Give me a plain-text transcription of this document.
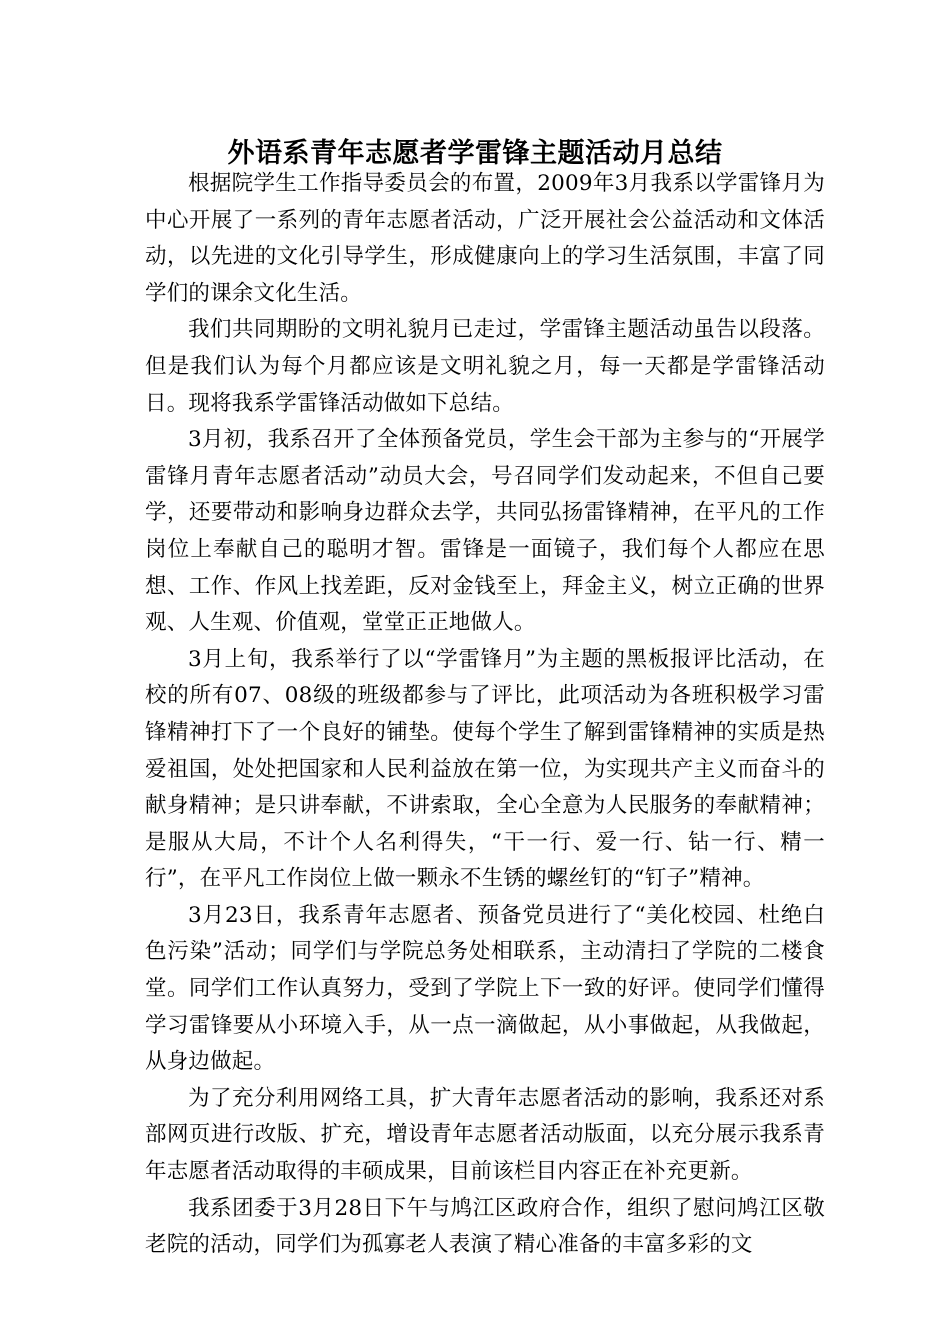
外语系青年志愿者学雷锋主题活动月总结

根据院学生工作指导委员会的布置，2009年3月我系以学雷锋月为中心开展了一系列的青年志愿者活动，广泛开展社会公益活动和文体活动，以先进的文化引导学生，形成健康向上的学习生活氛围，丰富了同学们的课余文化生活。

我们共同期盼的文明礼貌月已走过，学雷锋主题活动虽告以段落。但是我们认为每个月都应该是文明礼貌之月，每一天都是学雷锋活动日。现将我系学雷锋活动做如下总结。

3月初，我系召开了全体预备党员，学生会干部为主参与的“开展学雷锋月青年志愿者活动”动员大会，号召同学们发动起来，不但自己要学，还要带动和影响身边群众去学，共同弘扬雷锋精神，在平凡的工作岗位上奉献自己的聪明才智。雷锋是一面镜子，我们每个人都应在思想、工作、作风上找差距，反对金钱至上，拜金主义，树立正确的世界观、人生观、价值观，堂堂正正地做人。

3月上旬，我系举行了以“学雷锋月”为主题的黑板报评比活动，在校的所有07、08级的班级都参与了评比，此项活动为各班积极学习雷锋精神打下了一个良好的铺垫。使每个学生了解到雷锋精神的实质是热爱祖国，处处把国家和人民利益放在第一位，为实现共产主义而奋斗的献身精神；是只讲奉献，不讲索取，全心全意为人民服务的奉献精神；是服从大局，不计个人名利得失，“干一行、爱一行、钻一行、精一行”，在平凡工作岗位上做一颗永不生锈的螺丝钉的“钉子”精神。

3月23日，我系青年志愿者、预备党员进行了“美化校园、杜绝白色污染”活动；同学们与学院总务处相联系，主动清扫了学院的二楼食堂。同学们工作认真努力，受到了学院上下一致的好评。使同学们懂得学习雷锋要从小环境入手，从一点一滴做起，从小事做起，从我做起，从身边做起。

为了充分利用网络工具，扩大青年志愿者活动的影响，我系还对系部网页进行改版、扩充，增设青年志愿者活动版面，以充分展示我系青年志愿者活动取得的丰硕成果，目前该栏目内容正在补充更新。

我系团委于3月28日下午与鸠江区政府合作，组织了慰问鸠江区敬老院的活动，同学们为孤寡老人表演了精心准备的丰富多彩的文
